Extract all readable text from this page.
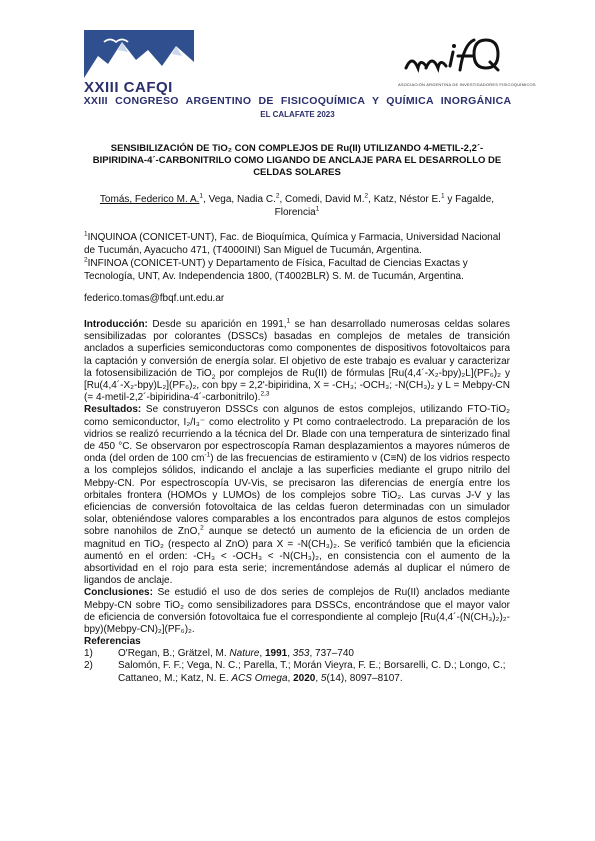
XXIII CAFQI	ASOCIACIÓN ARGENTINA DE INVESTIGADORES FISICOQUÍMICOS
XXIII CONGRESO ARGENTINO DE FISICOQUÍMICA Y QUÍMICA INORGÁNICA
EL CALAFATE 2023
SENSIBILIZACIÓN DE TiO₂ CON COMPLEJOS DE Ru(II) UTILIZANDO 4-METIL-2,2´-BIPIRIDINA-4´-CARBONITRILO COMO LIGANDO DE ANCLAJE PARA EL DESARROLLO DE CELDAS SOLARES
Tomás, Federico M. A.$^1$, Vega, Nadia C.$^2$, Comedi, David M.$^2$, Katz, Néstor E.$^1$ y Fagalde, Florencia$^1$
$^1$INQUINOA (CONICET-UNT), Fac. de Bioquímica, Química y Farmacia, Universidad Nacional de Tucumán, Ayacucho 471, (T4000INI) San Miguel de Tucumán, Argentina.
$^2$INFINOA (CONICET-UNT) y Departamento de Física, Facultad de Ciencias Exactas y Tecnología, UNT, Av. Independencia 1800, (T4002BLR) S. M. de Tucumán, Argentina.
federico.tomas@fbqf.unt.edu.ar

Introducción: Desde su aparición en 1991,$^1$ se han desarrollado numerosas celdas solares sensibilizadas por colorantes (DSSCs) basadas en complejos de metales de transición anclados a superficies semiconductoras como componentes de dispositivos fotovoltaicos para la captación y conversión de energía solar. El objetivo de este trabajo es evaluar y caracterizar la fotosensibilización de TiO$_2$ por complejos de Ru(II) de fórmulas [Ru(4,4´-X₂-bpy)₂L](PF₆)₂ y [Ru(4,4´-X₂-bpy)L₂](PF₆)₂, con bpy = 2,2'-bipiridina, X = -CH₃; -OCH₃; -N(CH₃)₂ y L = Mebpy-CN (= 4-metil-2,2´-bipiridina-4´-carbonitrilo).$^{2,3}$

Resultados: Se construyeron DSSCs con algunos de estos complejos, utilizando FTO-TiO₂ como semiconductor, I₂/I₃⁻ como electrolito y Pt como contraelectrodo. La preparación de los vidrios se realizó recurriendo a la técnica del Dr. Blade con una temperatura de sinterizado final de 450 °C. Se observaron por espectroscopía Raman desplazamientos a mayores números de onda (del orden de 100 $cm^{-1}$) de las frecuencias de estiramiento ν (C≡N) de los vidrios respecto a los complejos sólidos, indicando el anclaje a las superficies mediante el grupo nitrilo del Mebpy-CN. Por espectroscopía UV-Vis, se precisaron las diferencias de energía entre los orbitales frontera (HOMOs y LUMOs) de los complejos sobre TiO₂. Las curvas J-V y las eficiencias de conversión fotovoltaica de las celdas fueron determinadas con un simulador solar, obteniéndose valores comparables a los encontrados para algunos de estos complejos sobre nanohilos de ZnO,$^2$ aunque se detectó un aumento de la eficiencia de un orden de magnitud en TiO₂ (respecto al ZnO) para X = -N(CH₃)₂. Se verificó también que la eficiencia aumentó en el orden: -CH₃ < -OCH₃ < -N(CH₃)₂, en consistencia con el aumento de la absortividad en el rojo para esta serie; incrementándose además al duplicar el número de ligandos de anclaje.

Conclusiones: Se estudió el uso de dos series de complejos de Ru(II) anclados mediante Mebpy-CN sobre TiO₂ como sensibilizadores para DSSCs, encontrándose que el mayor valor de eficiencia de conversión fotovoltaica fue el correspondiente al complejo [Ru(4,4´-(N(CH₃)₂)₂-bpy)(Mebpy-CN)₂](PF₆)₂.

Referencias
1)	O'Regan, B.; Grätzel, M. Nature, 1991, 353, 737–740
2)	Salomón, F. F.; Vega, N. C.; Parella, T.; Morán Vieyra, F. E.; Borsarelli, C. D.; Longo, C.; Cattaneo, M.; Katz, N. E. ACS Omega, 2020, 5(14), 8097–8107.
